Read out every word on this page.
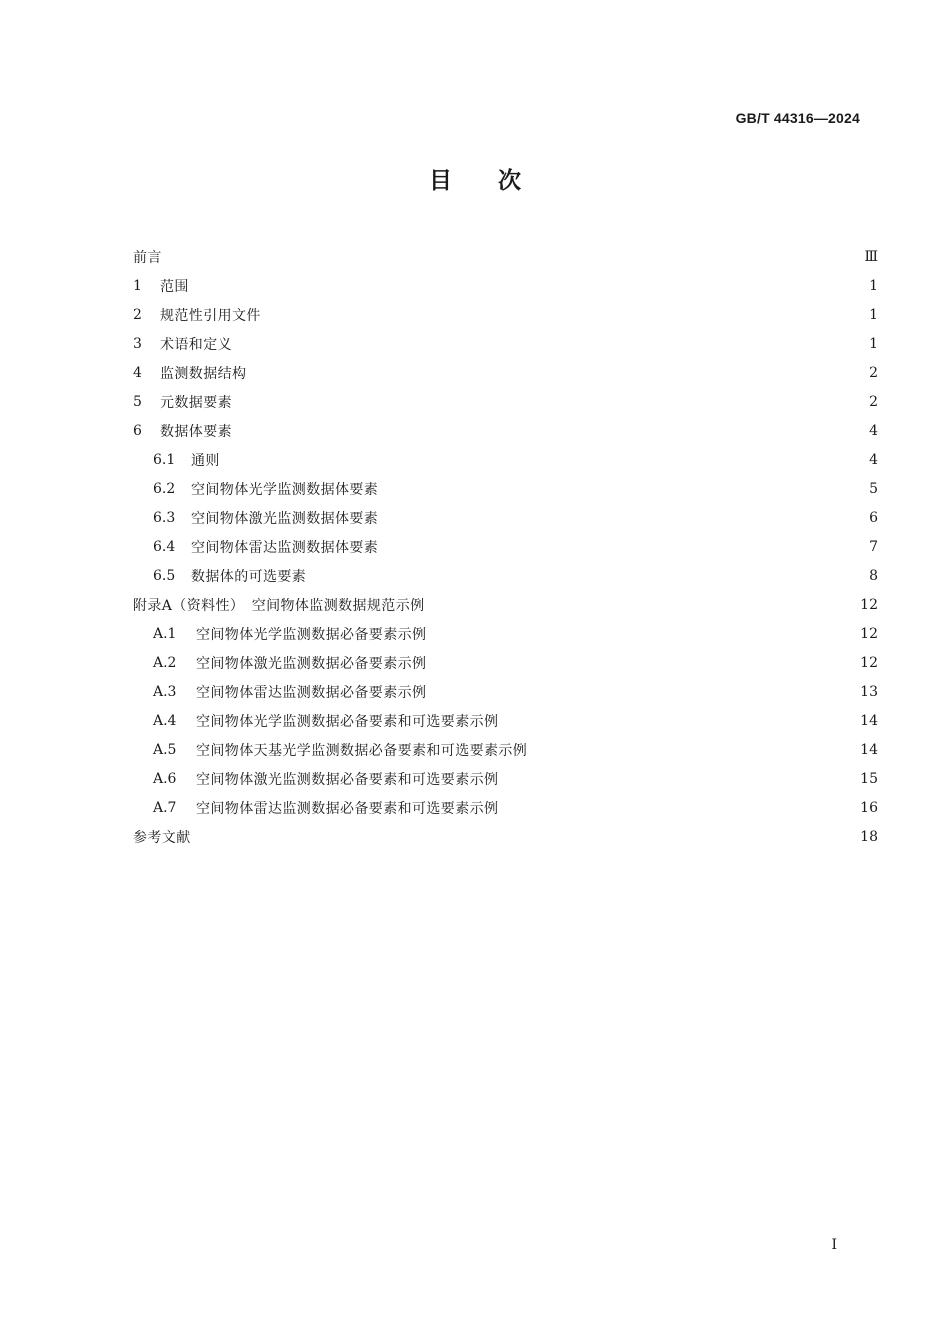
GB/T 44316—2024
目 次
前言	Ⅲ
1	范围	1
2	规范性引用文件	1
3	术语和定义	1
4	监测数据结构	2
5	元数据要素	2
6	数据体要素	4
6.1	通则	4
6.2	空间物体光学监测数据体要素	5
6.3	空间物体激光监测数据体要素	6
6.4	空间物体雷达监测数据体要素	7
6.5	数据体的可选要素	8
附录A（资料性）　空间物体监测数据规范示例	12
A.1	空间物体光学监测数据必备要素示例	12
A.2	空间物体激光监测数据必备要素示例	12
A.3	空间物体雷达监测数据必备要素示例	13
A.4	空间物体光学监测数据必备要素和可选要素示例	14
A.5	空间物体天基光学监测数据必备要素和可选要素示例	14
A.6	空间物体激光监测数据必备要素和可选要素示例	15
A.7	空间物体雷达监测数据必备要素和可选要素示例	16
参考文献	18
Ⅰ
